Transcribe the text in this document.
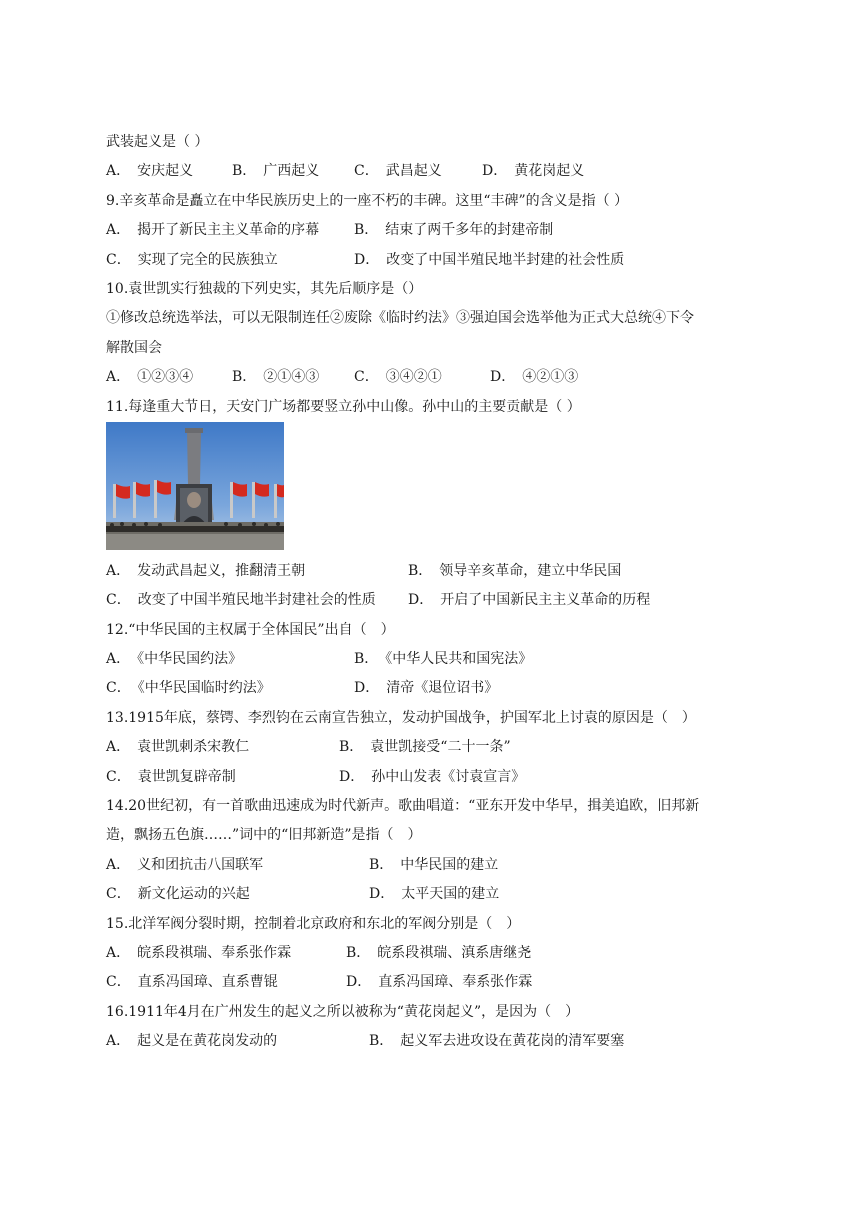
武装起义是（ ）
A．　安庆起义	B．　广西起义 C．　武昌起义	D．　黄花岗起义
9.辛亥革命是矗立在中华民族历史上的一座不朽的丰碑。这里“丰碑”的含义是指（ ）
A．　揭开了新民主主义革命的序幕 B．　结束了两千多年的封建帝制
C．　实现了完全的民族独立	D．　改变了中国半殖民地半封建的社会性质
10.袁世凯实行独裁的下列史实，其先后顺序是（）
①修改总统选举法，可以无限制连任②废除《临时约法》③强迫国会选举他为正式大总统④下令
解散国会
A．　①②③④	B．　②①④③ C．　③④②①	D．　④②①③
11.每逢重大节日，天安门广场都要竖立孙中山像。孙中山的主要贡献是（ ）
A．　发动武昌起义，推翻清王朝	B．　领导辛亥革命，建立中华民国
C．　改变了中国半殖民地半封建社会的性质 D．　开启了中国新民主主义革命的历程
12.“中华民国的主权属于全体国民”出自（　）
A．　《中华民国约法》	B．　《中华人民共和国宪法》
C．　《中华民国临时约法》	D．　清帝《退位诏书》
13.1915年底，蔡锷、李烈钧在云南宣告独立，发动护国战争，护国军北上讨袁的原因是（　）
A．　袁世凯刺杀宋教仁	B．　袁世凯接受“二十一条”
C．　袁世凯复辟帝制	D．　孙中山发表《讨袁宣言》
14.20世纪初，有一首歌曲迅速成为时代新声。歌曲唱道：“亚东开发中华早，揖美追欧，旧邦新
造，飘扬五色旗……”词中的“旧邦新造”是指（　）
A．　义和团抗击八国联军	B．　中华民国的建立
C．　新文化运动的兴起	D．　太平天国的建立
15.北洋军阀分裂时期，控制着北京政府和东北的军阀分别是（　）
A．　皖系段祺瑞、奉系张作霖	B．　皖系段祺瑞、滇系唐继尧
C．　直系冯国璋、直系曹锟	D．　直系冯国璋、奉系张作霖
16.1911年4月在广州发生的起义之所以被称为“黄花岗起义”，是因为（　）
A．　起义是在黄花岗发动的	B．　起义军去进攻设在黄花岗的清军要塞
